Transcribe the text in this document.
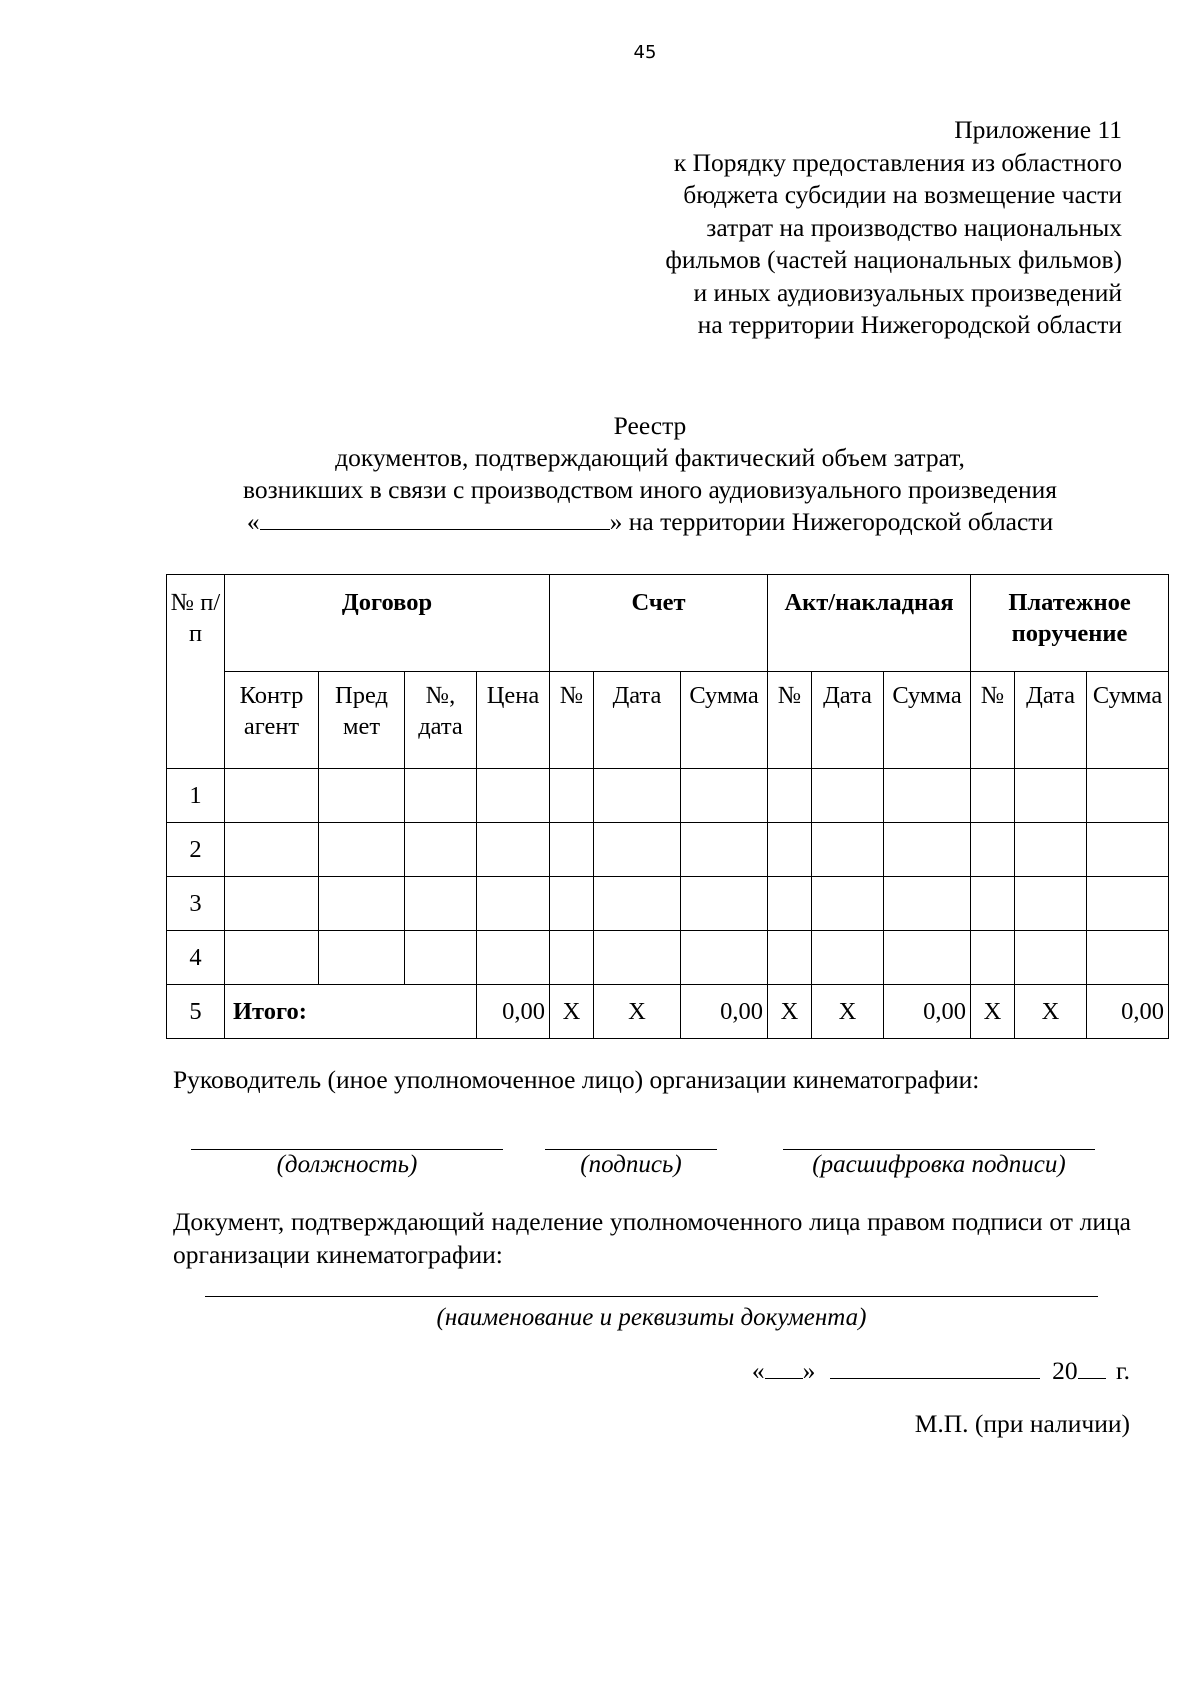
45
Приложение 11
к Порядку предоставления из областного
бюджета субсидии на возмещение части
затрат на производство национальных
фильмов (частей национальных фильмов)
и иных аудиовизуальных произведений
на территории Нижегородской области
Реестр
документов, подтверждающий фактический объем затрат,
возникших в связи с производством иного аудиовизуального произведения
«	» на территории Нижегородской области
№ п/п	Договор				Счет			Акт/накладная			Платежное поручение		
	Контр агент	Пред мет	№, дата	Цена	№	Дата	Сумма	№	Дата	Сумма	№	Дата	Сумма
1													
2													
3													
4													
5	Итого:			0,00	Х	Х	0,00	Х	Х	0,00	Х	Х	0,00
Руководитель (иное уполномоченное лицо) организации кинематографии:
(должность)	(подпись)	(расшифровка подписи)
Документ, подтверждающий наделение уполномоченного лица правом подписи от лица организации кинематографии:
(наименование и реквизиты документа)
« »	20 г.
М.П. (при наличии)
